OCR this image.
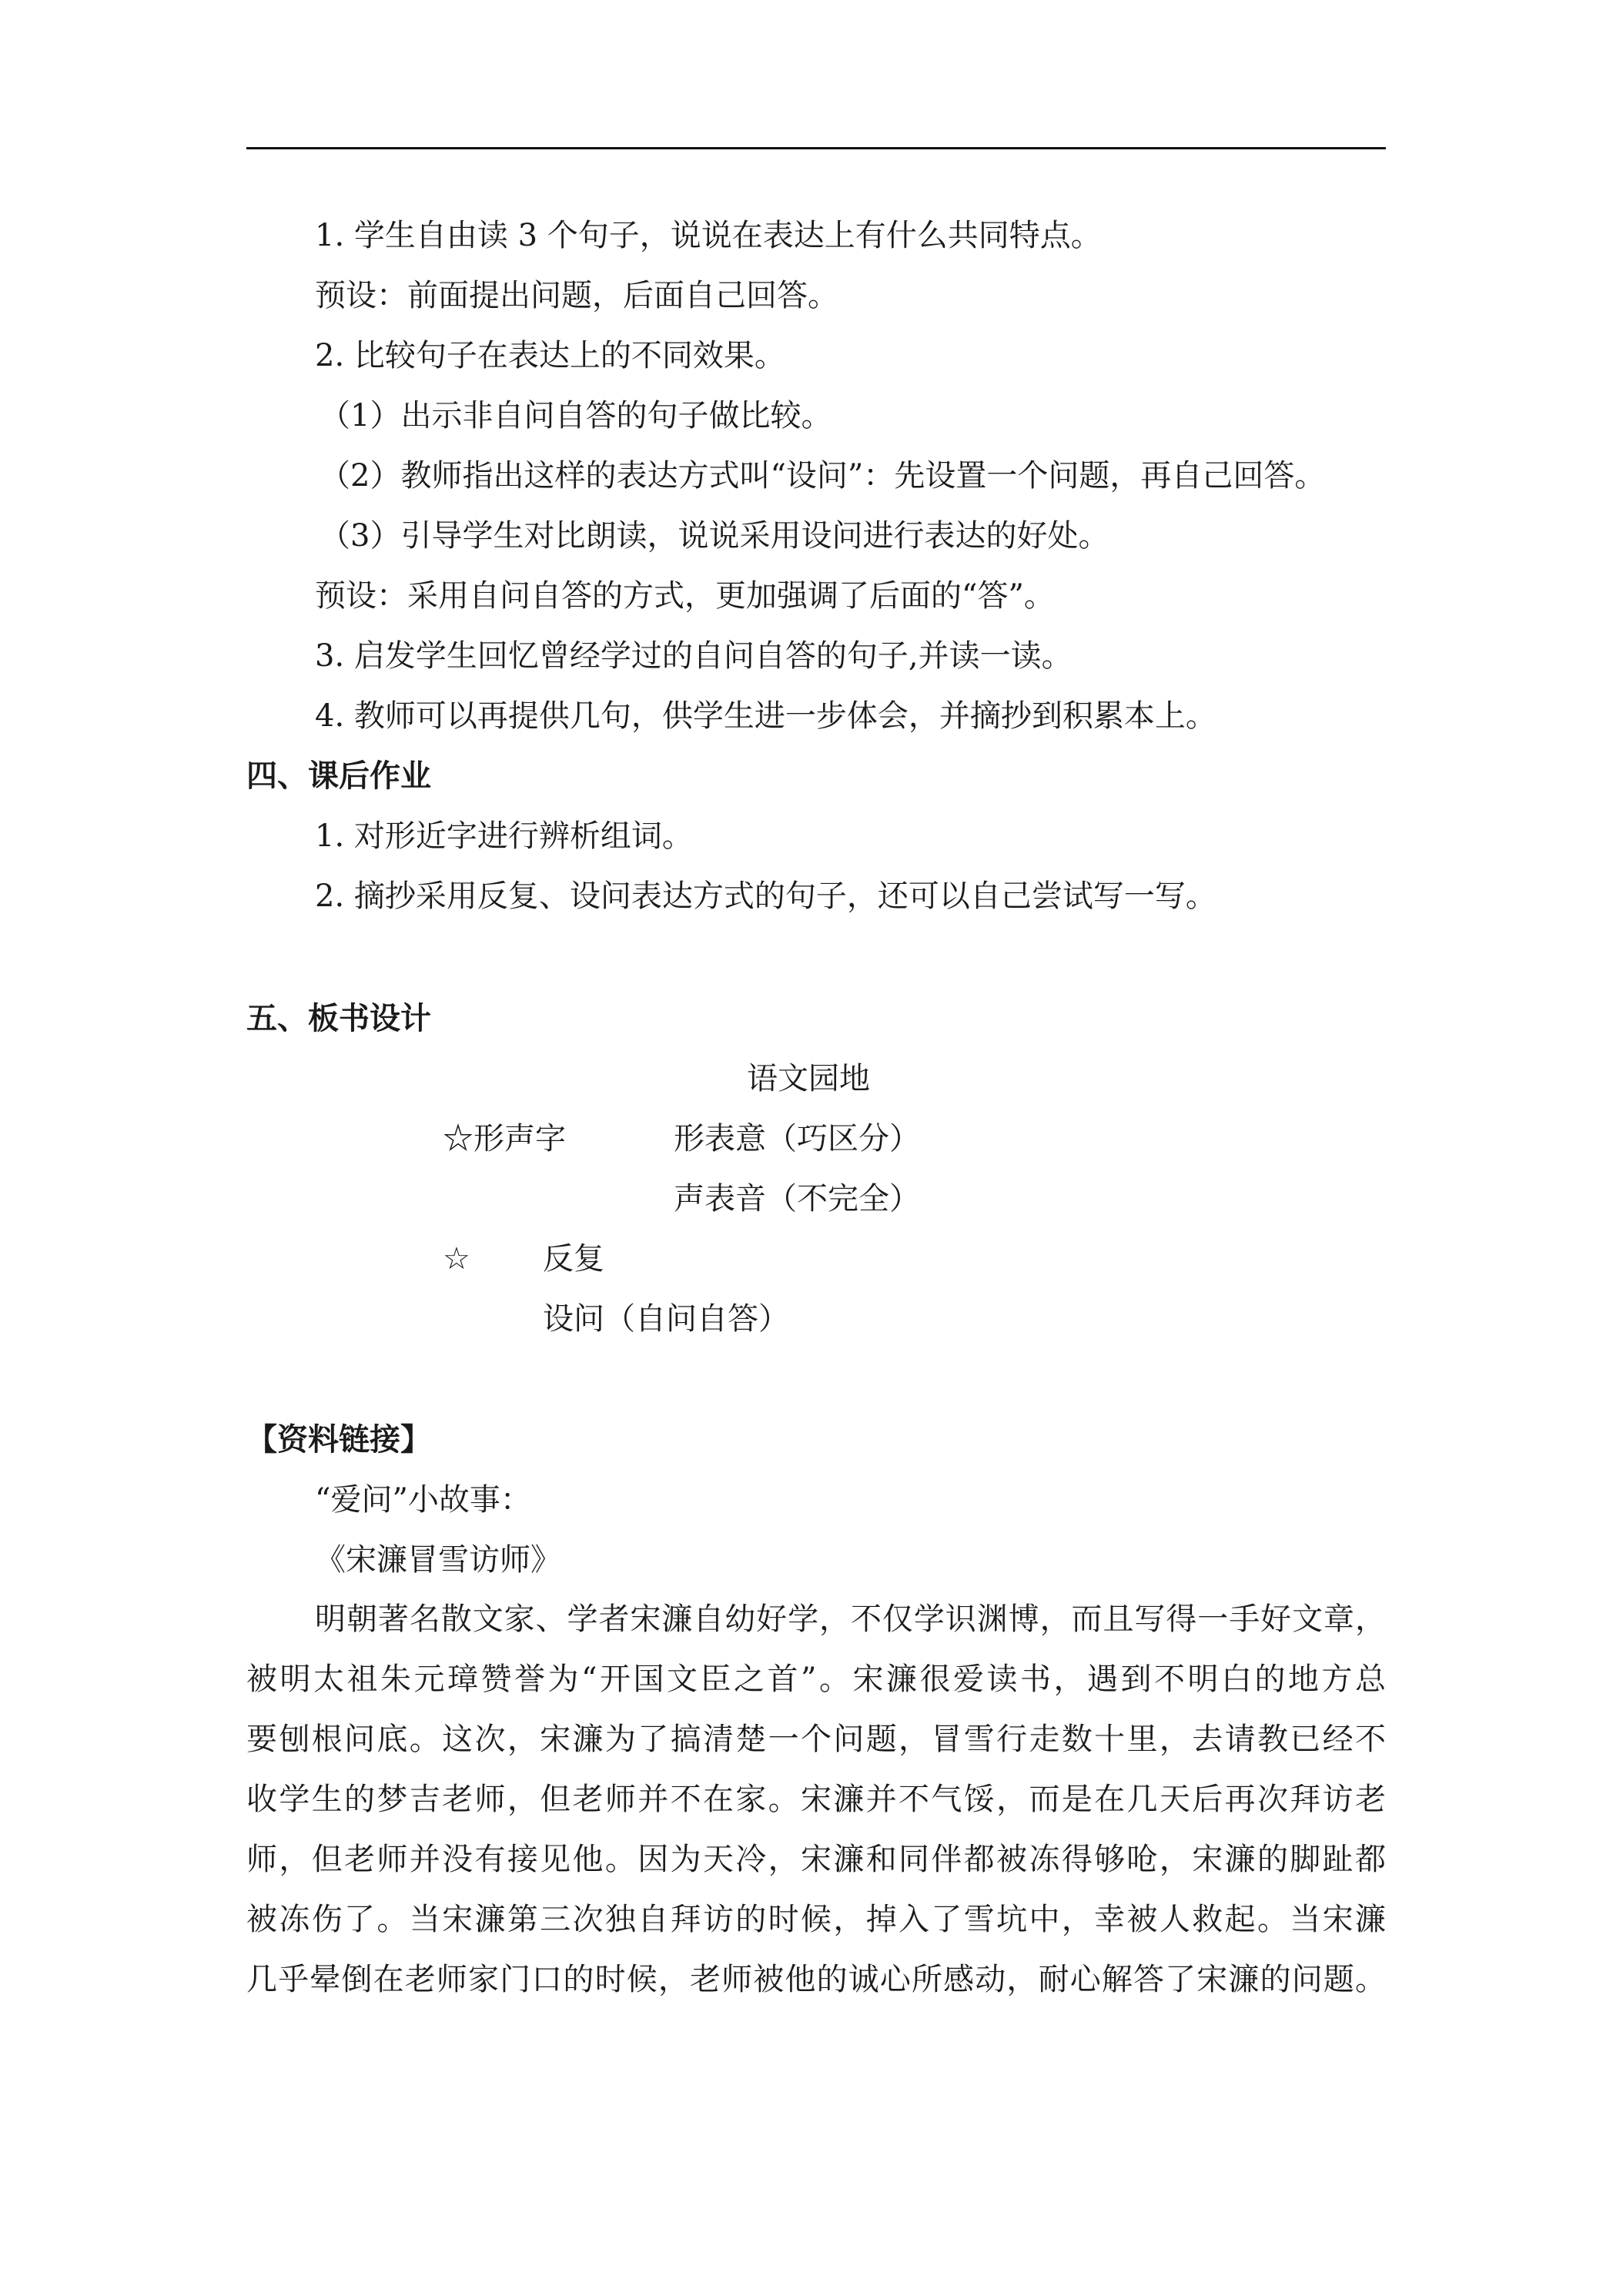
1. 学生自由读 3 个句子，说说在表达上有什么共同特点。
预设：前面提出问题，后面自己回答。
2. 比较句子在表达上的不同效果。
（1）出示非自问自答的句子做比较。
（2）教师指出这样的表达方式叫“设问”：先设置一个问题，再自己回答。
（3）引导学生对比朗读，说说采用设问进行表达的好处。
预设：采用自问自答的方式，更加强调了后面的“答”。
3. 启发学生回忆曾经学过的自问自答的句子,并读一读。
4. 教师可以再提供几句，供学生进一步体会，并摘抄到积累本上。
四、课后作业
1. 对形近字进行辨析组词。
2. 摘抄采用反复、设问表达方式的句子，还可以自己尝试写一写。
五、板书设计
语文园地
☆形声字	形表意（巧区分）
声表音（不完全）
☆ 反复
设问（自问自答）
【资料链接】
“爱问”小故事：
《宋濂冒雪访师》

明朝著名散文家、学者宋濂自幼好学，不仅学识渊博，而且写得一手好文章，

被明太祖朱元璋赞誉为“开国文臣之首”。宋濂很爱读书，遇到不明白的地方总

要刨根问底。这次，宋濂为了搞清楚一个问题，冒雪行走数十里，去请教已经不

收学生的梦吉老师，但老师并不在家。宋濂并不气馁，而是在几天后再次拜访老

师，但老师并没有接见他。因为天冷，宋濂和同伴都被冻得够呛，宋濂的脚趾都

被冻伤了。当宋濂第三次独自拜访的时候，掉入了雪坑中，幸被人救起。当宋濂

几乎晕倒在老师家门口的时候，老师被他的诚心所感动，耐心解答了宋濂的问题。
